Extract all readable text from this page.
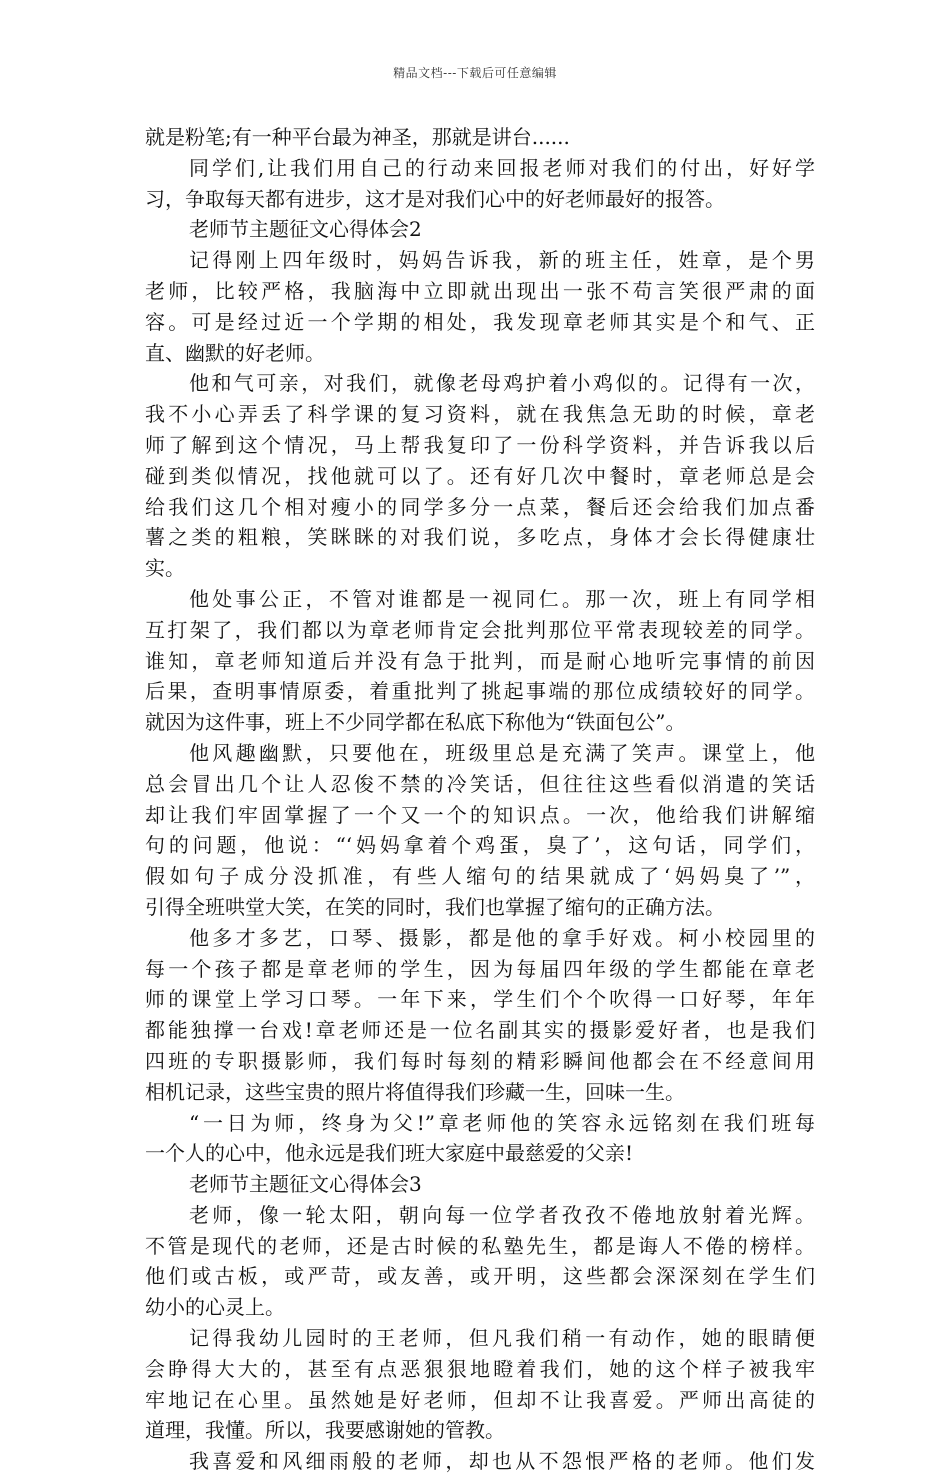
精品文档---下载后可任意编辑
就是粉笔;有一种平台最为神圣，那就是讲台......
同学们,让我们用自己的行动来回报老师对我们的付出，好好学
习，争取每天都有进步，这才是对我们心中的好老师最好的报答。
老师节主题征文心得体会2
记得刚上四年级时，妈妈告诉我，新的班主任，姓章，是个男
老师，比较严格，我脑海中立即就出现出一张不苟言笑很严肃的面
容。可是经过近一个学期的相处，我发现章老师其实是个和气、正
直、幽默的好老师。
他和气可亲，对我们，就像老母鸡护着小鸡似的。记得有一次，
我不小心弄丢了科学课的复习资料，就在我焦急无助的时候，章老
师了解到这个情况，马上帮我复印了一份科学资料，并告诉我以后
碰到类似情况，找他就可以了。还有好几次中餐时，章老师总是会
给我们这几个相对瘦小的同学多分一点菜，餐后还会给我们加点番
薯之类的粗粮，笑眯眯的对我们说，多吃点，身体才会长得健康壮
实。
他处事公正，不管对谁都是一视同仁。那一次，班上有同学相
互打架了，我们都以为章老师肯定会批判那位平常表现较差的同学。
谁知，章老师知道后并没有急于批判，而是耐心地听完事情的前因
后果，查明事情原委，着重批判了挑起事端的那位成绩较好的同学。
就因为这件事，班上不少同学都在私底下称他为“铁面包公”。
他风趣幽默，只要他在，班级里总是充满了笑声。课堂上，他
总会冒出几个让人忍俊不禁的冷笑话，但往往这些看似消遣的笑话
却让我们牢固掌握了一个又一个的知识点。一次，他给我们讲解缩
句的问题，他说：“‘妈妈拿着个鸡蛋，臭了’，这句话，同学们，
假如句子成分没抓准，有些人缩句的结果就成了‘妈妈臭了’”，
引得全班哄堂大笑，在笑的同时，我们也掌握了缩句的正确方法。
他多才多艺，口琴、摄影，都是他的拿手好戏。柯小校园里的
每一个孩子都是章老师的学生，因为每届四年级的学生都能在章老
师的课堂上学习口琴。一年下来，学生们个个吹得一口好琴，年年
都能独撑一台戏!章老师还是一位名副其实的摄影爱好者，也是我们
四班的专职摄影师，我们每时每刻的精彩瞬间他都会在不经意间用
相机记录，这些宝贵的照片将值得我们珍藏一生，回味一生。
“一日为师，终身为父!”章老师他的笑容永远铭刻在我们班每
一个人的心中，他永远是我们班大家庭中最慈爱的父亲!
老师节主题征文心得体会3
老师，像一轮太阳，朝向每一位学者孜孜不倦地放射着光辉。
不管是现代的老师，还是古时候的私塾先生，都是诲人不倦的榜样。
他们或古板，或严苛，或友善，或开明，这些都会深深刻在学生们
幼小的心灵上。
记得我幼儿园时的王老师，但凡我们稍一有动作，她的眼睛便
会睁得大大的，甚至有点恶狠狠地瞪着我们，她的这个样子被我牢
牢地记在心里。虽然她是好老师，但却不让我喜爱。严师出高徒的
道理，我懂。所以，我要感谢她的管教。
我喜爱和风细雨般的老师，却也从不怨恨严格的老师。他们发
